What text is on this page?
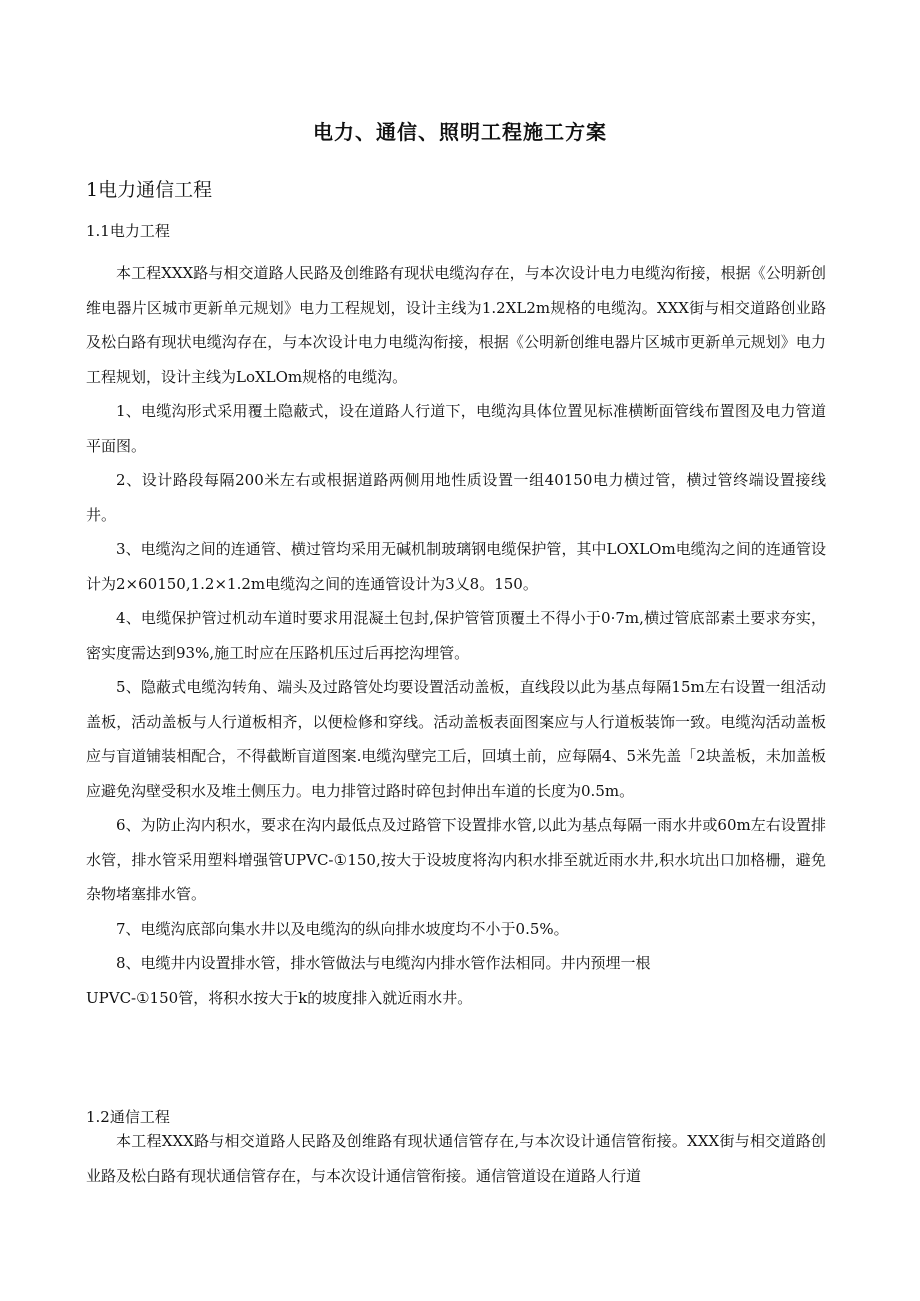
电力、通信、照明工程施工方案
1电力通信工程
1.1电力工程

本工程XXX路与相交道路人民路及创维路有现状电缆沟存在，与本次设计电力电缆沟衔接，根据《公明新创维电器片区城市更新单元规划》电力工程规划，设计主线为1.2XL2m规格的电缆沟。XXX街与相交道路创业路及松白路有现状电缆沟存在，与本次设计电力电缆沟衔接，根据《公明新创维电器片区城市更新单元规划》电力工程规划，设计主线为LoXLOm规格的电缆沟。

1、电缆沟形式采用覆土隐蔽式，设在道路人行道下，电缆沟具体位置见标准横断面管线布置图及电力管道平面图。

2、设计路段每隔200米左右或根据道路两侧用地性质设置一组40150电力横过管，横过管终端设置接线井。

3、电缆沟之间的连通管、横过管均采用无碱机制玻璃钢电缆保护管，其中LOXLOm电缆沟之间的连通管设计为2×60150,1.2×1.2m电缆沟之间的连通管设计为3乂8。150。

4、电缆保护管过机动车道时要求用混凝土包封,保护管管顶覆土不得小于0·7m,横过管底部素土要求夯实，密实度需达到93%,施工时应在压路机压过后再挖沟埋管。

5、隐蔽式电缆沟转角、端头及过路管处均要设置活动盖板，直线段以此为基点每隔15m左右设置一组活动盖板，活动盖板与人行道板相齐，以便检修和穿线。活动盖板表面图案应与人行道板装饰一致。电缆沟活动盖板应与盲道铺装相配合，不得截断盲道图案.电缆沟壁完工后，回填土前，应每隔4、5米先盖「2块盖板，未加盖板应避免沟壁受积水及堆土侧压力。电力排管过路时碎包封伸出车道的长度为0.5m。

6、为防止沟内积水，要求在沟内最低点及过路管下设置排水管,以此为基点每隔一雨水井或60m左右设置排水管，排水管采用塑料增强管UPVC-①150,按大于设坡度将沟内积水排至就近雨水井,积水坑出口加格栅，避免杂物堵塞排水管。

7、电缆沟底部向集水井以及电缆沟的纵向排水坡度均不小于0.5%。

8、电缆井内设置排水管，排水管做法与电缆沟内排水管作法相同。井内预埋一根

UPVC-①150管，将积水按大于k的坡度排入就近雨水井。

1.2通信工程

本工程XXX路与相交道路人民路及创维路有现状通信管存在,与本次设计通信管衔接。XXX街与相交道路创业路及松白路有现状通信管存在，与本次设计通信管衔接。通信管道设在道路人行道
